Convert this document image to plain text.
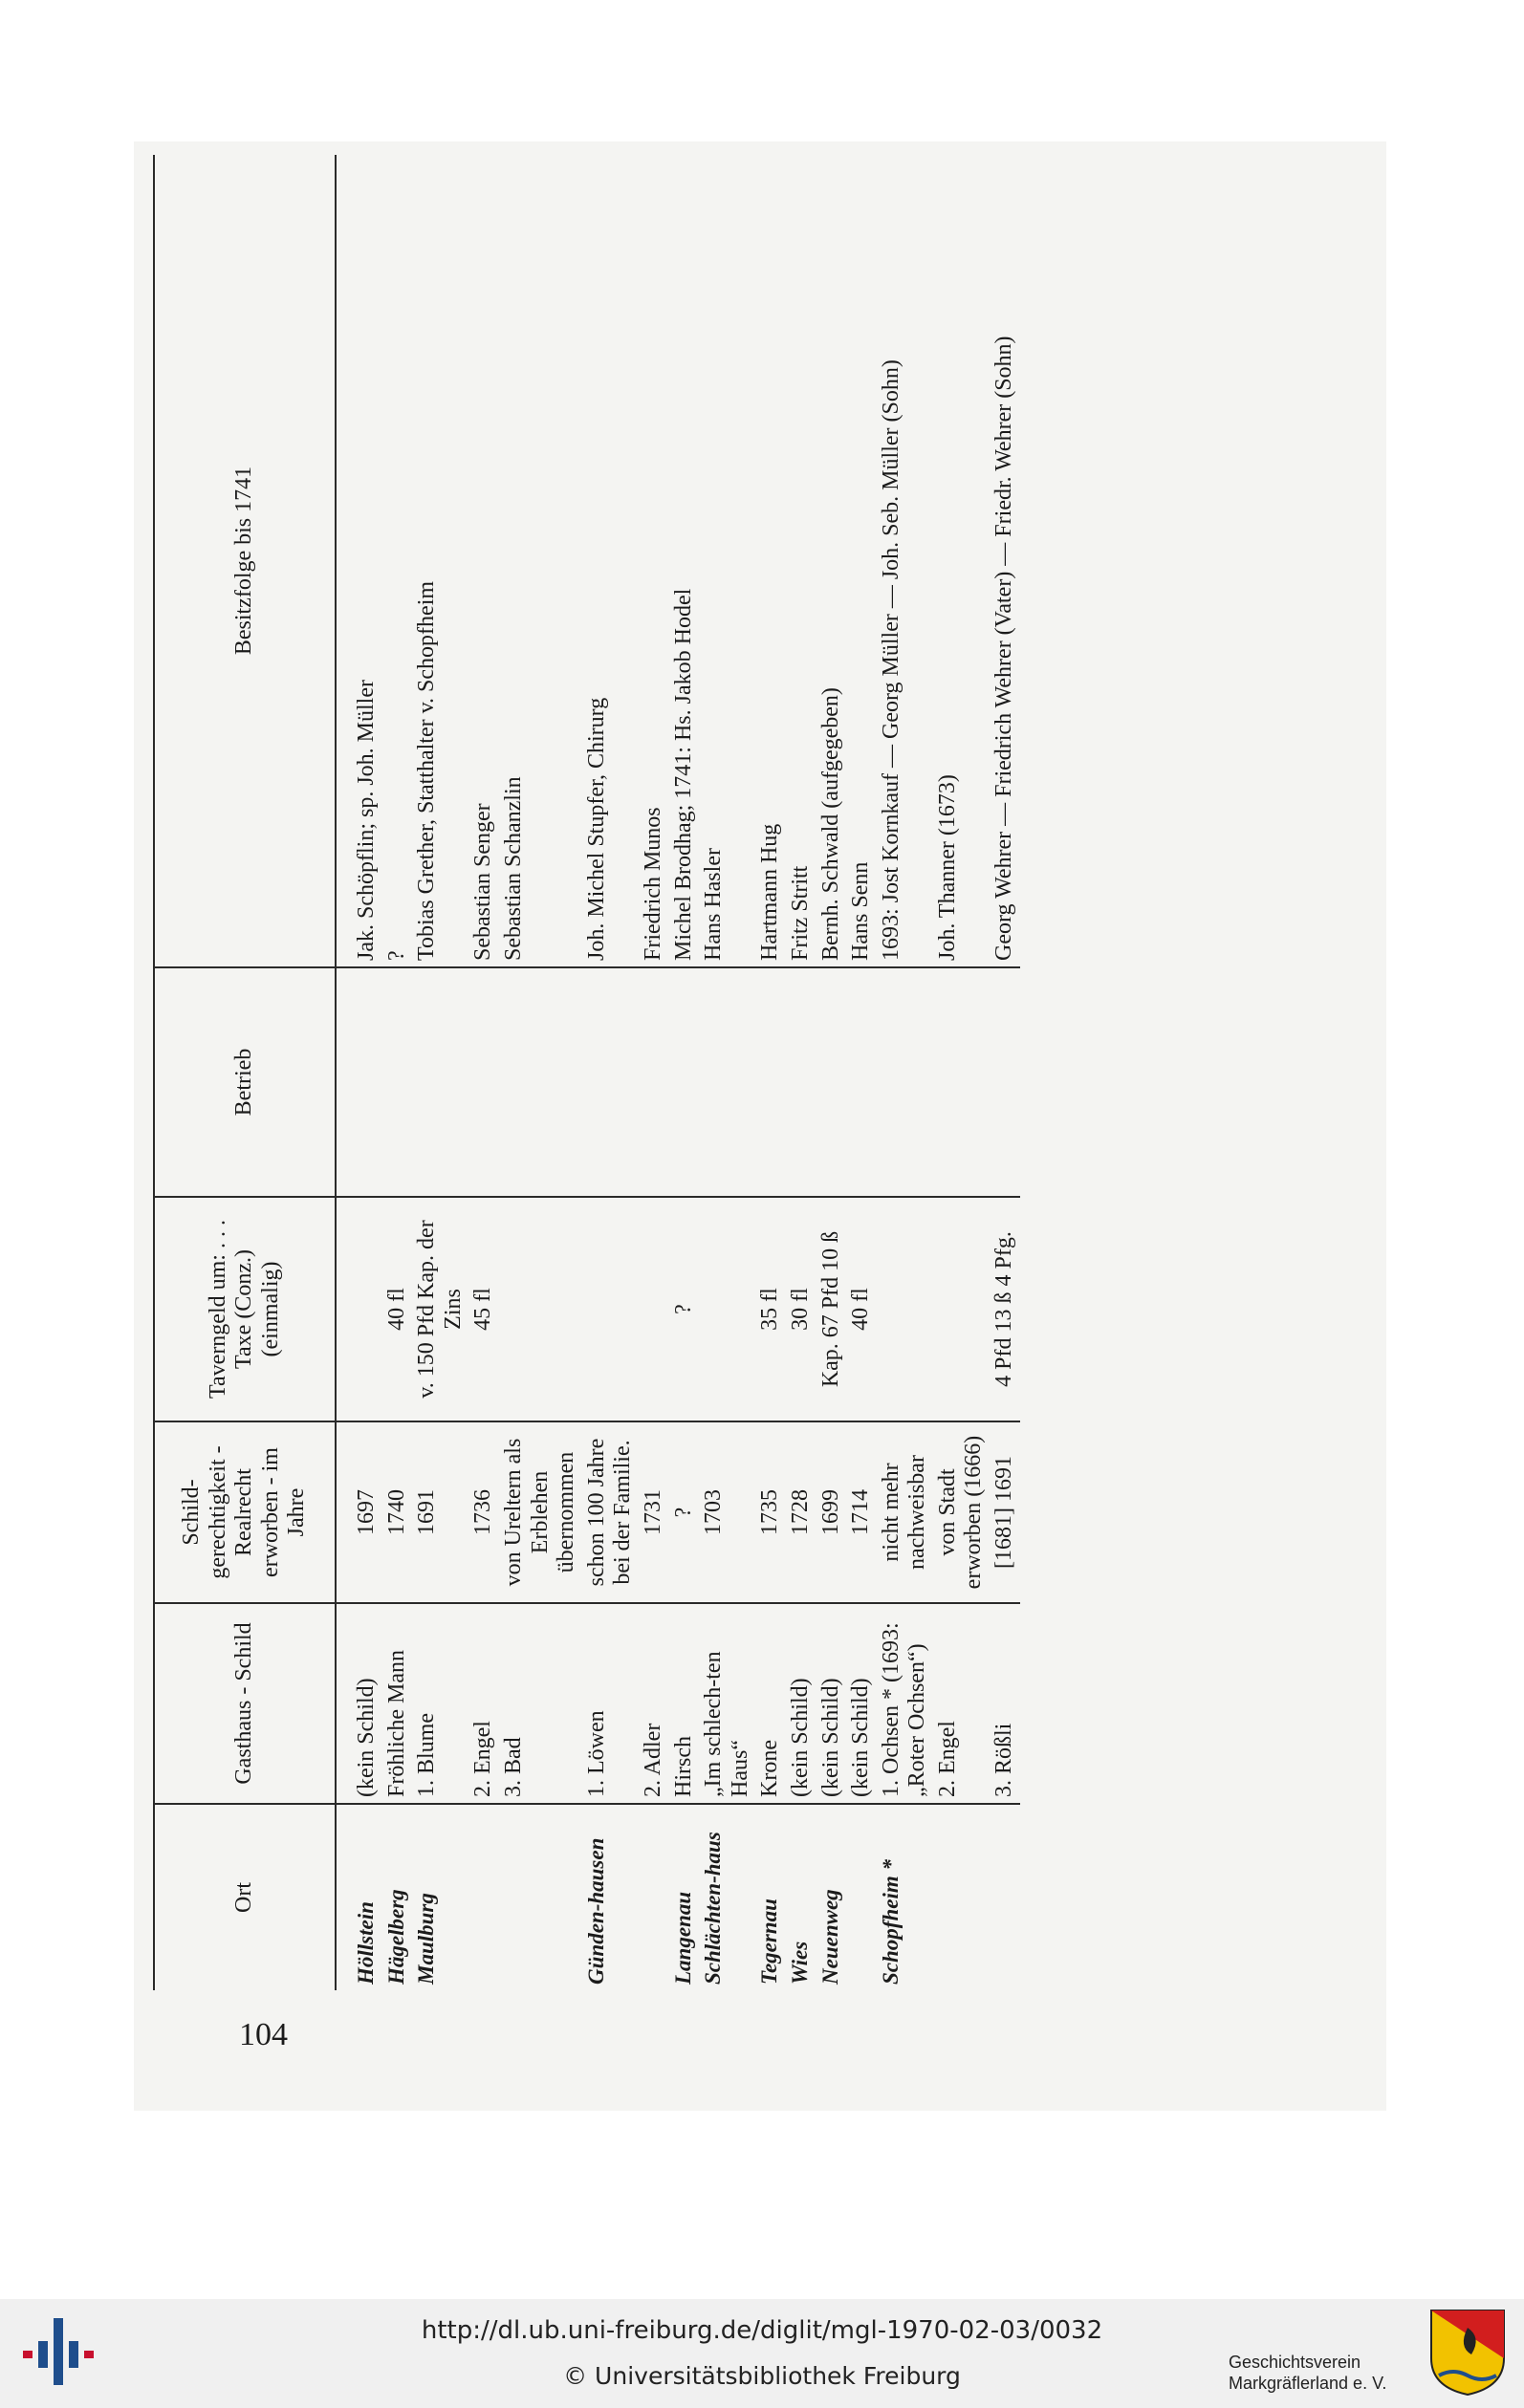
104
Ort	Gasthaus - Schild	Schild-gerechtigkeit - Realrecht erworben - im Jahre	Taverngeld um: . . . Taxe (Conz.) (einmalig)	Betrieb	Besitzfolge bis 1741
Höllstein	(kein Schild)	1697			Jak. Schöpflin; sp. Joh. Müller
Hägelberg	Fröhliche Mann	1740	40 fl		?
Maulburg	1. Blume	1691	v. 150 Pfd Kap. der Zins		Tobias Grether, Statthalter v. Schopfheim
	2. Engel	1736	45 fl		Sebastian Senger
	3. Bad	von Ureltern als Erblehen übernommen			Sebastian Schanzlin
Günden-hausen	1. Löwen	schon 100 Jahre bei der Familie.			Joh. Michel Stupfer, Chirurg
	2. Adler	1731			Friedrich Munos
Langenau	Hirsch	?	?		Michel Brodhag; 1741: Hs. Jakob Hodel
Schlächten-haus	„Im schlech-ten Haus“	1703			Hans Hasler
Tegernau	Krone	1735	35 fl		Hartmann Hug
Wies	(kein Schild)	1728	30 fl		Fritz Stritt
Neuenweg	(kein Schild)	1699	Kap. 67 Pfd 10 ß		Bernh. Schwald (aufgegeben)
	(kein Schild)	1714	40 fl		Hans Senn
Schopfheim *	1. Ochsen * (1693: „Roter Ochsen“)	nicht mehr nachweisbar			1693: Jost Kornkauf — Georg Müller — Joh. Seb. Müller (Sohn)
	2. Engel	von Stadt erworben (1666)			Joh. Thanner (1673)
	3. Rößli	[1681] 1691	4 Pfd 13 ß 4 Pfg.		Georg Wehrer — Friedrich Wehrer (Vater) — Friedr. Wehrer (Sohn)
http://dl.ub.uni-freiburg.de/diglit/mgl-1970-02-03/0032
© Universitätsbibliothek Freiburg	Geschichtsverein
Markgräflerland e. V.
